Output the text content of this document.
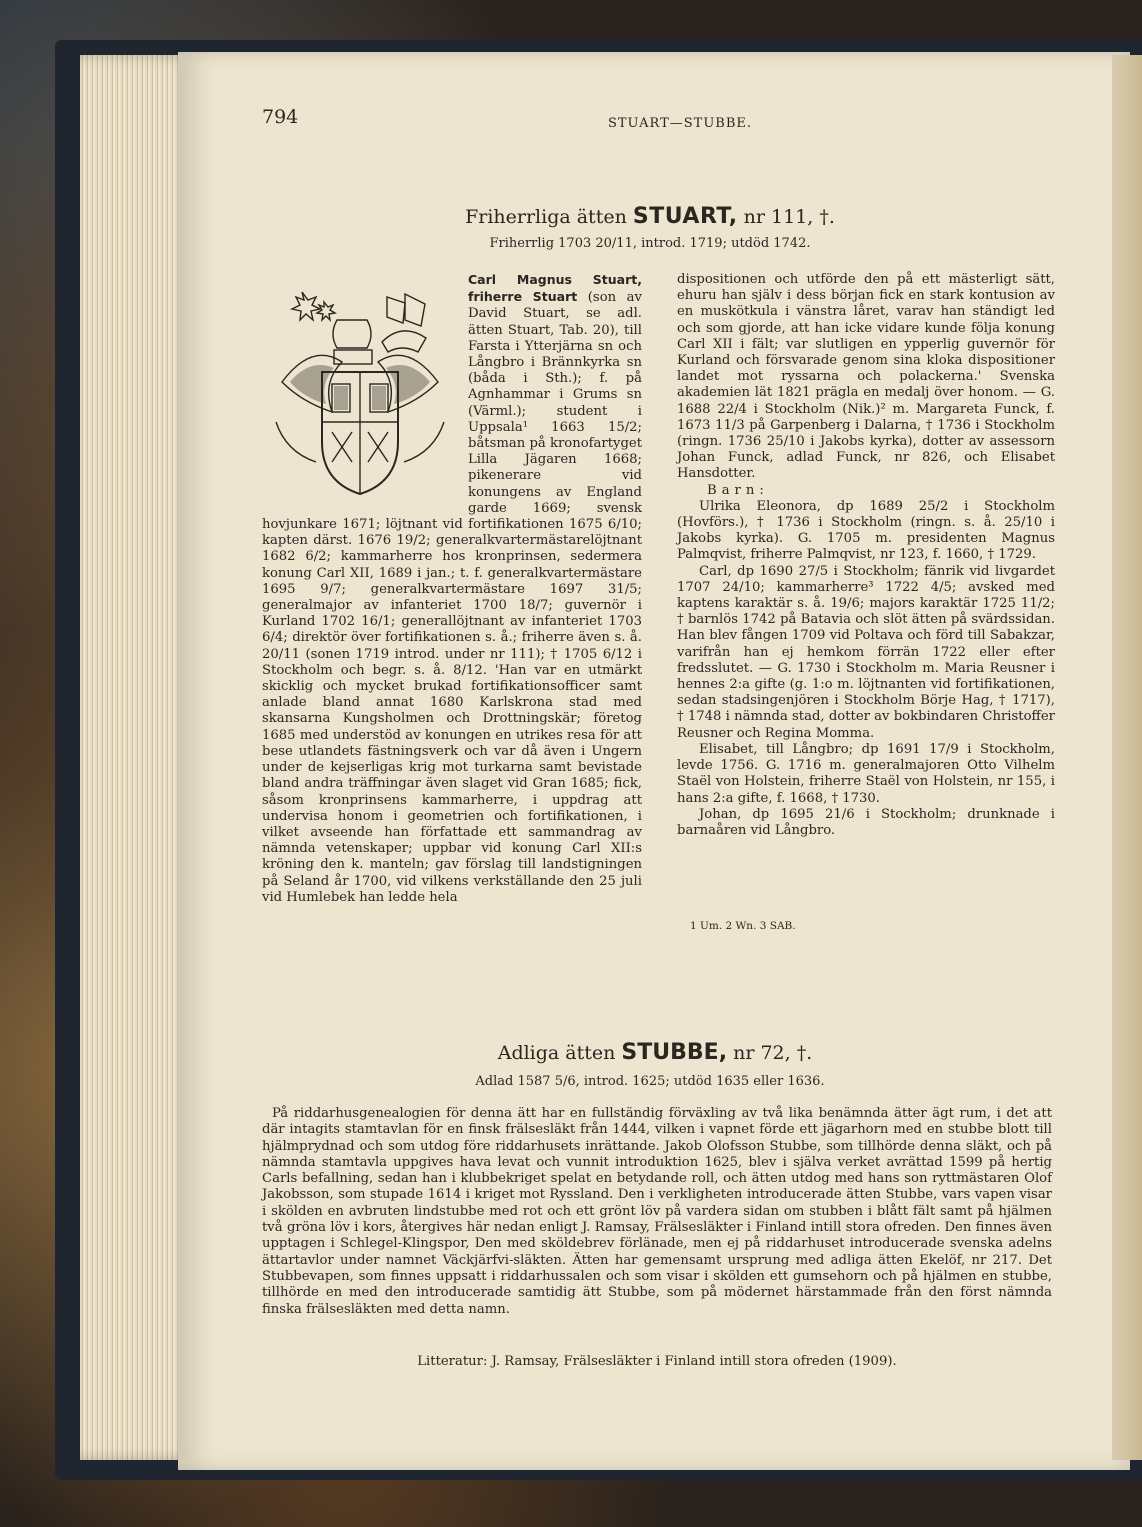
794	STUART—STUBBE.
Friherrliga ätten STUART, nr 111, †.
Friherrlig 1703 20/11, introd. 1719; utdöd 1742.

Carl Magnus Stuart, friherre Stuart (son av David Stuart, se adl. ätten Stuart, Tab. 20), till Farsta i Ytterjärna sn och Långbro i Brännkyrka sn (båda i Sth.); f. på Agnhammar i Grums sn (Värml.); student i Uppsala¹ 1663 15/2; båtsman på kronofartyget Lilla Jägaren 1668; pikenerare vid konungens av England garde 1669; svensk hovjunkare 1671; löjtnant vid fortifikationen 1675 6/10; kapten därst. 1676 19/2; generalkvartermästarelöjtnant 1682 6/2; kammarherre hos kronprinsen, sedermera konung Carl XII, 1689 i jan.; t. f. generalkvartermästare 1695 9/7; generalkvartermästare 1697 31/5; generalmajor av infanteriet 1700 18/7; guvernör i Kurland 1702 16/1; generallöjtnant av infanteriet 1703 6/4; direktör över fortifikationen s. å.; friherre även s. å. 20/11 (sonen 1719 introd. under nr 111); † 1705 6/12 i Stockholm och begr. s. å. 8/12. 'Han var en utmärkt skicklig och mycket brukad fortifikationsofficer samt anlade bland annat 1680 Karlskrona stad med skansarna Kungsholmen och Drottningskär; företog 1685 med understöd av konungen en utrikes resa för att bese utlandets fästningsverk och var då även i Ungern under de kejserligas krig mot turkarna samt bevistade bland andra träffningar även slaget vid Gran 1685; fick, såsom kronprinsens kammarherre, i uppdrag att undervisa honom i geometrien och fortifikationen, i vilket avseende han författade ett sammandrag av nämnda vetenskaper; uppbar vid konung Carl XII:s kröning den k. manteln; gav förslag till landstigningen på Seland år 1700, vid vilkens verkställande den 25 juli vid Humlebek han ledde hela

dispositionen och utförde den på ett mästerligt sätt, ehuru han själv i dess början fick en stark kontusion av en muskötkula i vänstra låret, varav han ständigt led och som gjorde, att han icke vidare kunde följa konung Carl XII i fält; var slutligen en ypperlig guvernör för Kurland och försvarade genom sina kloka dispositioner landet mot ryssarna och polackerna.' Svenska akademien lät 1821 prägla en medalj över honom. — G. 1688 22/4 i Stockholm (Nik.)² m. Margareta Funck, f. 1673 11/3 på Garpenberg i Dalarna, † 1736 i Stockholm (ringn. 1736 25/10 i Jakobs kyrka), dotter av assessorn Johan Funck, adlad Funck, nr 826, och Elisabet Hansdotter.

Barn:

Ulrika Eleonora, dp 1689 25/2 i Stockholm (Hovförs.), † 1736 i Stockholm (ringn. s. å. 25/10 i Jakobs kyrka). G. 1705 m. presidenten Magnus Palmqvist, friherre Palmqvist, nr 123, f. 1660, † 1729.

Carl, dp 1690 27/5 i Stockholm; fänrik vid livgardet 1707 24/10; kammarherre³ 1722 4/5; avsked med kaptens karaktär s. å. 19/6; majors karaktär 1725 11/2; † barnlös 1742 på Batavia och slöt ätten på svärdssidan. Han blev fången 1709 vid Poltava och förd till Sabakzar, varifrån han ej hemkom förrän 1722 eller efter fredsslutet. — G. 1730 i Stockholm m. Maria Reusner i hennes 2:a gifte (g. 1:o m. löjtnanten vid fortifikationen, sedan stadsingenjören i Stockholm Börje Hag, † 1717), † 1748 i nämnda stad, dotter av bokbindaren Christoffer Reusner och Regina Momma.

Elisabet, till Långbro; dp 1691 17/9 i Stockholm, levde 1756. G. 1716 m. generalmajoren Otto Vilhelm Staël von Holstein, friherre Staël von Holstein, nr 155, i hans 2:a gifte, f. 1668, † 1730.

Johan, dp 1695 21/6 i Stockholm; drunknade i barnaåren vid Långbro.

1 Um. 2 Wn. 3 SAB.
Adliga ätten STUBBE, nr 72, †.
Adlad 1587 5/6, introd. 1625; utdöd 1635 eller 1636.
På riddarhusgenealogien för denna ätt har en fullständig förväxling av två lika benämnda ätter ägt rum, i det att där intagits stamtavlan för en finsk frälsesläkt från 1444, vilken i vapnet förde ett jägarhorn med en stubbe blott till hjälmprydnad och som utdog före riddarhusets inrättande. Jakob Olofsson Stubbe, som tillhörde denna släkt, och på nämnda stamtavla uppgives hava levat och vunnit introduktion 1625, blev i själva verket avrättad 1599 på hertig Carls befallning, sedan han i klubbekriget spelat en betydande roll, och ätten utdog med hans son ryttmästaren Olof Jakobsson, som stupade 1614 i kriget mot Ryssland. Den i verkligheten introducerade ätten Stubbe, vars vapen visar i skölden en avbruten lindstubbe med rot och ett grönt löv på vardera sidan om stubben i blått fält samt på hjälmen två gröna löv i kors, återgives här nedan enligt J. Ramsay, Frälsesläkter i Finland intill stora ofreden. Den finnes även upptagen i Schlegel-Klingspor, Den med sköldebrev förlänade, men ej på riddarhuset introducerade svenska adelns ättartavlor under namnet Väckjärfvi-släkten. Ätten har gemensamt ursprung med adliga ätten Ekelöf, nr 217. Det Stubbevapen, som finnes uppsatt i riddarhussalen och som visar i skölden ett gumsehorn och på hjälmen en stubbe, tillhörde en med den introducerade samtidig ätt Stubbe, som på mödernet härstammade från den först nämnda finska frälsesläkten med detta namn.
Litteratur: J. Ramsay, Frälsesläkter i Finland intill stora ofreden (1909).
